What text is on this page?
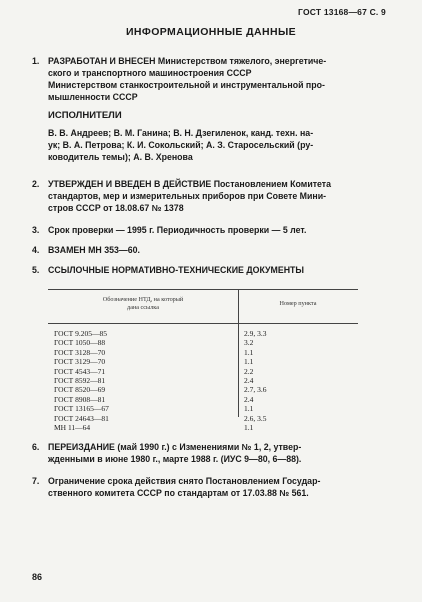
ГОСТ 13168—67 С. 9
ИНФОРМАЦИОННЫЕ ДАННЫЕ
1. РАЗРАБОТАН И ВНЕСЕН Министерством тяжелого, энергетиче-
ского и транспортного машиностроения СССР
Министерством станкостроительной и инструментальной про-
мышленности СССР
ИСПОЛНИТЕЛИ
В. В. Андреев; В. М. Ганина; В. Н. Дзегиленок, канд. техн. на-
ук; В. А. Петрова; К. И. Сокольский; А. З. Старосельский (ру-
ководитель темы); А. В. Хренова
2. УТВЕРЖДЕН И ВВЕДЕН В ДЕЙСТВИЕ Постановлением Комитета
стандартов, мер и измерительных приборов при Совете Мини-
стров СССР от 18.08.67 № 1378
3. Срок проверки — 1995 г. Периодичность проверки — 5 лет.
4. ВЗАМЕН МН 353—60.
5. ССЫЛОЧНЫЕ НОРМАТИВНО-ТЕХНИЧЕСКИЕ ДОКУМЕНТЫ
Обозначение НТД, на который
дана ссылка
Номер пункта
ГОСТ 9.205—85	2.9, 3.3
ГОСТ 1050—88	3.2
ГОСТ 3128—70	1.1
ГОСТ 3129—70	1.1
ГОСТ 4543—71	2.2
ГОСТ 8592—81	2.4
ГОСТ 8520—69	2.7, 3.6
ГОСТ 8908—81	2.4
ГОСТ 13165—67	1.1
ГОСТ 24643—81	2.6, 3.5
МН 11—64	1.1
6. ПЕРЕИЗДАНИЕ (май 1990 г.) с Изменениями № 1, 2, утвер-
жденными в июне 1980 г., марте 1988 г. (ИУС 9—80, 6—88).
7. Ограничение срока действия снято Постановлением Государ-
ственного комитета СССР по стандартам от 17.03.88 № 561.
86
